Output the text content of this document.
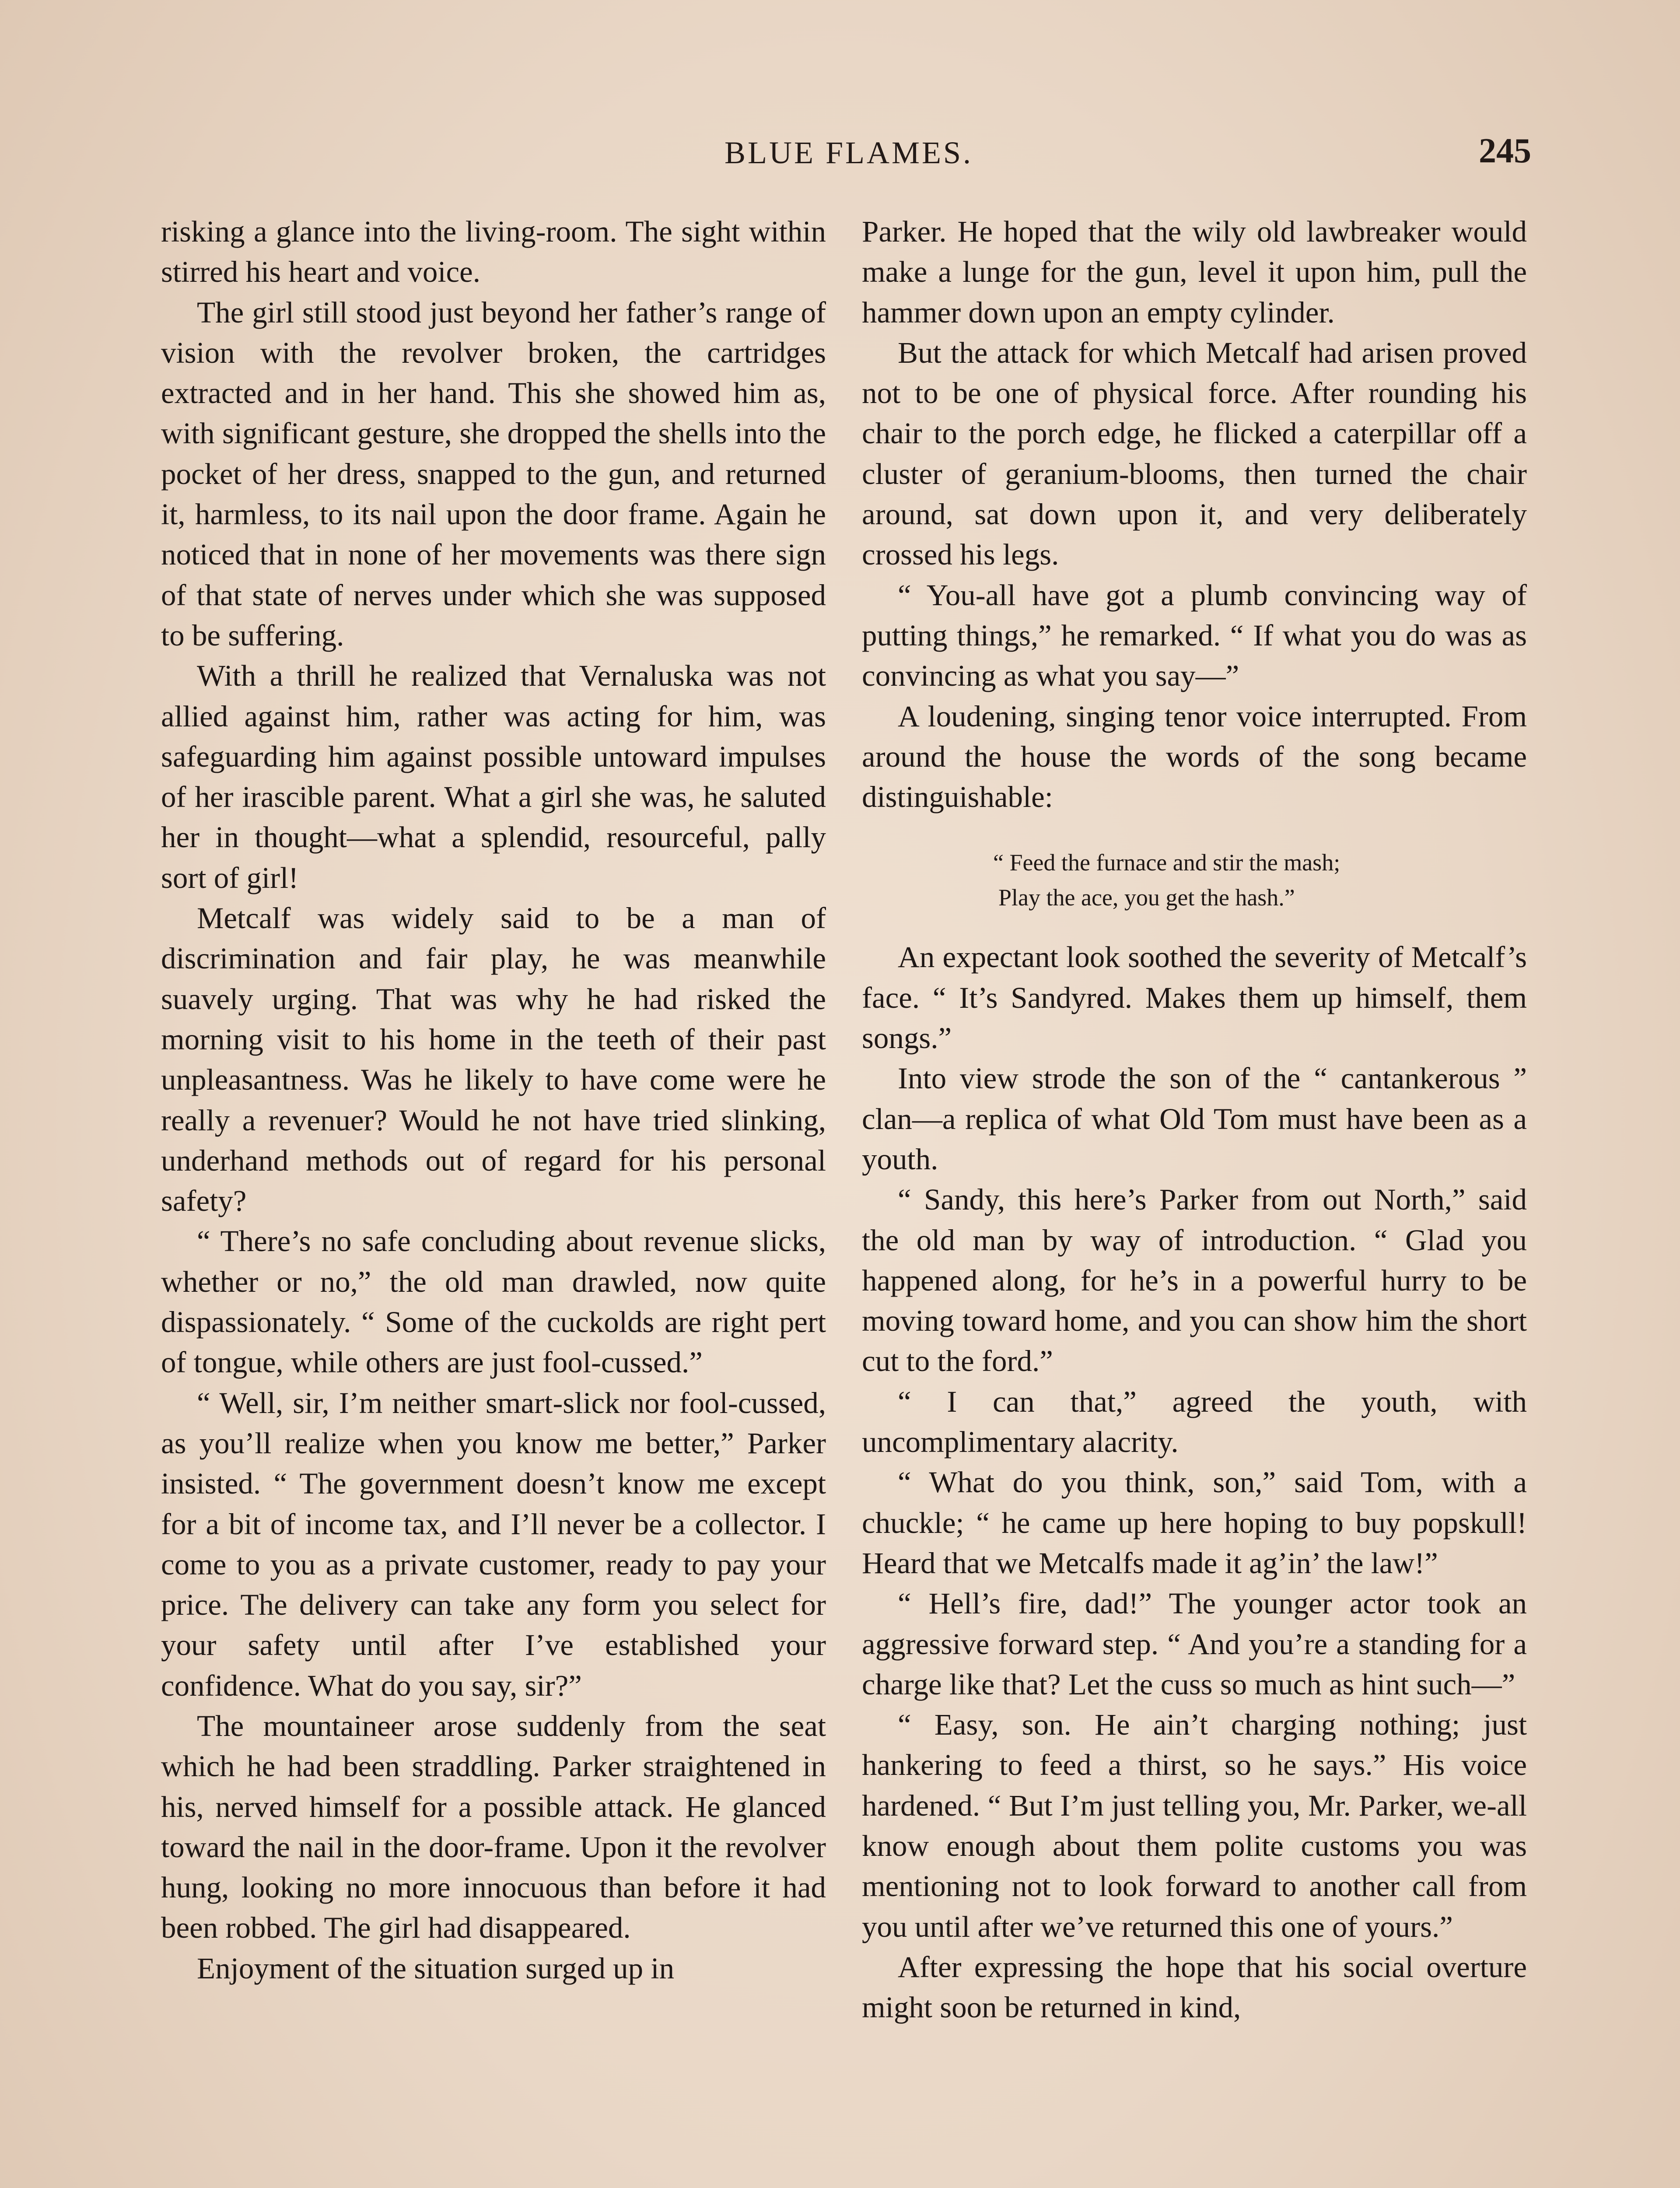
BLUE FLAMES.	245

risking a glance into the living-room. The sight within stirred his heart and voice.

The girl still stood just beyond her father’s range of vision with the revolver broken, the cartridges extracted and in her hand. This she showed him as, with significant gesture, she dropped the shells into the pocket of her dress, snapped to the gun, and returned it, harmless, to its nail upon the door frame. Again he noticed that in none of her movements was there sign of that state of nerves under which she was supposed to be suffering.

With a thrill he realized that Vernaluska was not allied against him, rather was acting for him, was safeguarding him against possible untoward impulses of her irascible parent. What a girl she was, he saluted her in thought—what a splendid, resourceful, pally sort of girl!

Metcalf was widely said to be a man of discrimination and fair play, he was meanwhile suavely urging. That was why he had risked the morning visit to his home in the teeth of their past unpleasantness. Was he likely to have come were he really a revenuer? Would he not have tried slinking, underhand methods out of regard for his personal safety?

“ There’s no safe concluding about revenue slicks, whether or no,” the old man drawled, now quite dispassionately. “ Some of the cuckolds are right pert of tongue, while others are just fool-cussed.”

“ Well, sir, I’m neither smart-slick nor fool-cussed, as you’ll realize when you know me better,” Parker insisted. “ The government doesn’t know me except for a bit of income tax, and I’ll never be a collector. I come to you as a private customer, ready to pay your price. The delivery can take any form you select for your safety until after I’ve established your confidence. What do you say, sir?”

The mountaineer arose suddenly from the seat which he had been straddling. Parker straightened in his, nerved himself for a possible attack. He glanced toward the nail in the door-frame. Upon it the revolver hung, looking no more innocuous than before it had been robbed. The girl had disappeared.

Enjoyment of the situation surged up in

Parker. He hoped that the wily old lawbreaker would make a lunge for the gun, level it upon him, pull the hammer down upon an empty cylinder.

But the attack for which Metcalf had arisen proved not to be one of physical force. After rounding his chair to the porch edge, he flicked a caterpillar off a cluster of geranium-blooms, then turned the chair around, sat down upon it, and very deliberately crossed his legs.

“ You-all have got a plumb convincing way of putting things,” he remarked. “ If what you do was as convincing as what you say—”

A loudening, singing tenor voice interrupted. From around the house the words of the song became distinguishable:

“ Feed the furnace and stir the mash;
Play the ace, you get the hash.”

An expectant look soothed the severity of Metcalf’s face. “ It’s Sandyred. Makes them up himself, them songs.”

Into view strode the son of the “ cantankerous ” clan—a replica of what Old Tom must have been as a youth.

“ Sandy, this here’s Parker from out North,” said the old man by way of introduction. “ Glad you happened along, for he’s in a powerful hurry to be moving toward home, and you can show him the short cut to the ford.”

“ I can that,” agreed the youth, with uncomplimentary alacrity.

“ What do you think, son,” said Tom, with a chuckle; “ he came up here hoping to buy popskull! Heard that we Metcalfs made it ag’in’ the law!”

“ Hell’s fire, dad!” The younger actor took an aggressive forward step. “ And you’re a standing for a charge like that? Let the cuss so much as hint such—”

“ Easy, son. He ain’t charging nothing; just hankering to feed a thirst, so he says.” His voice hardened. “ But I’m just telling you, Mr. Parker, we-all know enough about them polite customs you was mentioning not to look forward to another call from you until after we’ve returned this one of yours.”

After expressing the hope that his social overture might soon be returned in kind,
